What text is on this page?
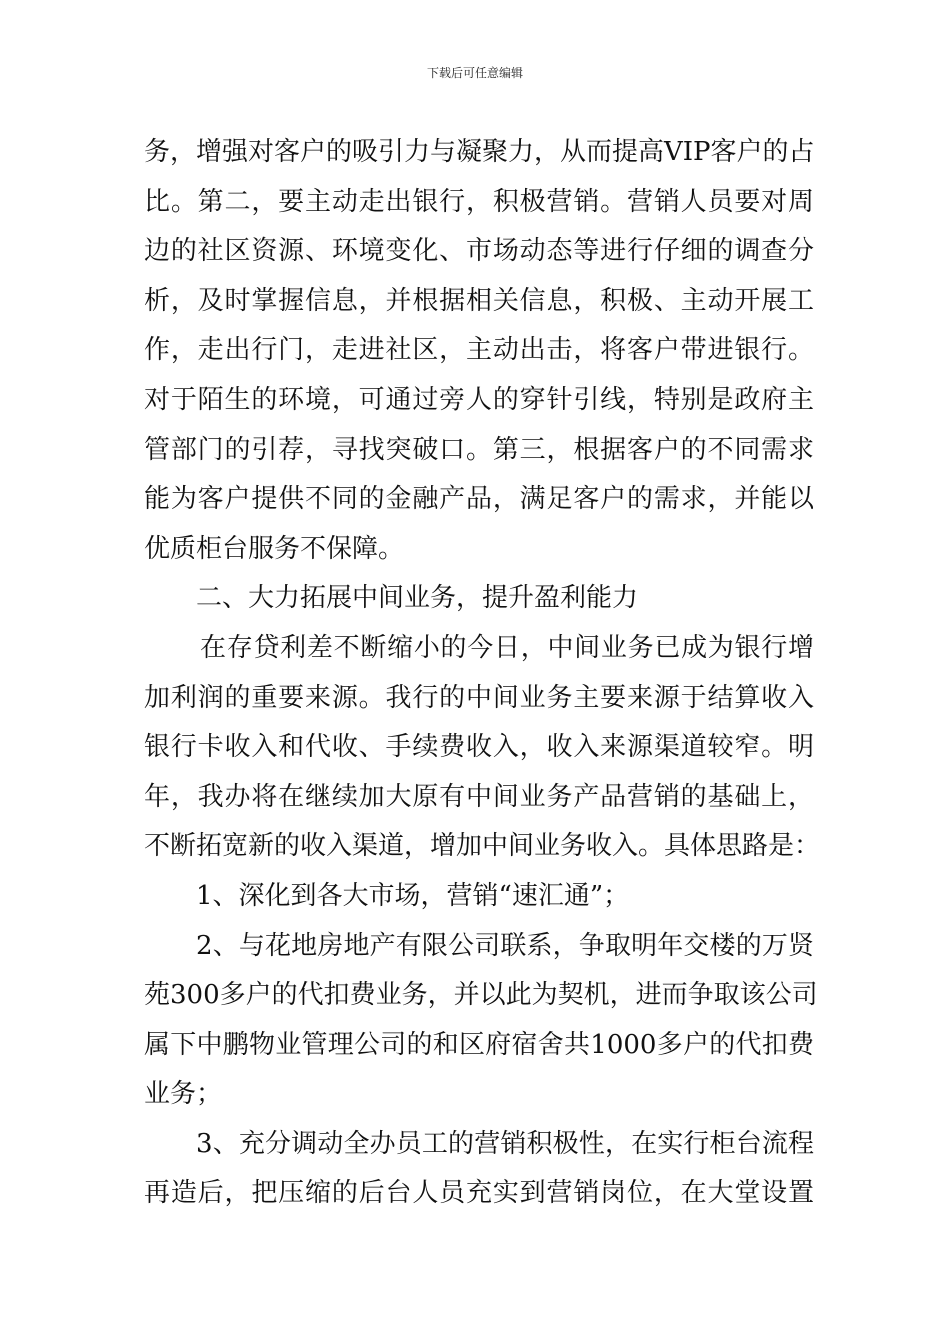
下载后可任意编辑
务，增强对客户的吸引力与凝聚力，从而提高VIP客户的占
比。第二，要主动走出银行，积极营销。营销人员要对周
边的社区资源、环境变化、市场动态等进行仔细的调查分
析，及时掌握信息，并根据相关信息，积极、主动开展工
作，走出行门，走进社区，主动出击，将客户带进银行。
对于陌生的环境，可通过旁人的穿针引线，特别是政府主
管部门的引荐，寻找突破口。第三，根据客户的不同需求
能为客户提供不同的金融产品，满足客户的需求，并能以
优质柜台服务不保障。
二、大力拓展中间业务，提升盈利能力
在存贷利差不断缩小的今日，中间业务已成为银行增
加利润的重要来源。我行的中间业务主要来源于结算收入
银行卡收入和代收、手续费收入，收入来源渠道较窄。明
年，我办将在继续加大原有中间业务产品营销的基础上，
不断拓宽新的收入渠道，增加中间业务收入。具体思路是：
1、深化到各大市场，营销“速汇通”；
2、与花地房地产有限公司联系，争取明年交楼的万贤
苑300多户的代扣费业务，并以此为契机，进而争取该公司
属下中鹏物业管理公司的和区府宿舍共1000多户的代扣费
业务；
3、充分调动全办员工的营销积极性，在实行柜台流程
再造后，把压缩的后台人员充实到营销岗位，在大堂设置
